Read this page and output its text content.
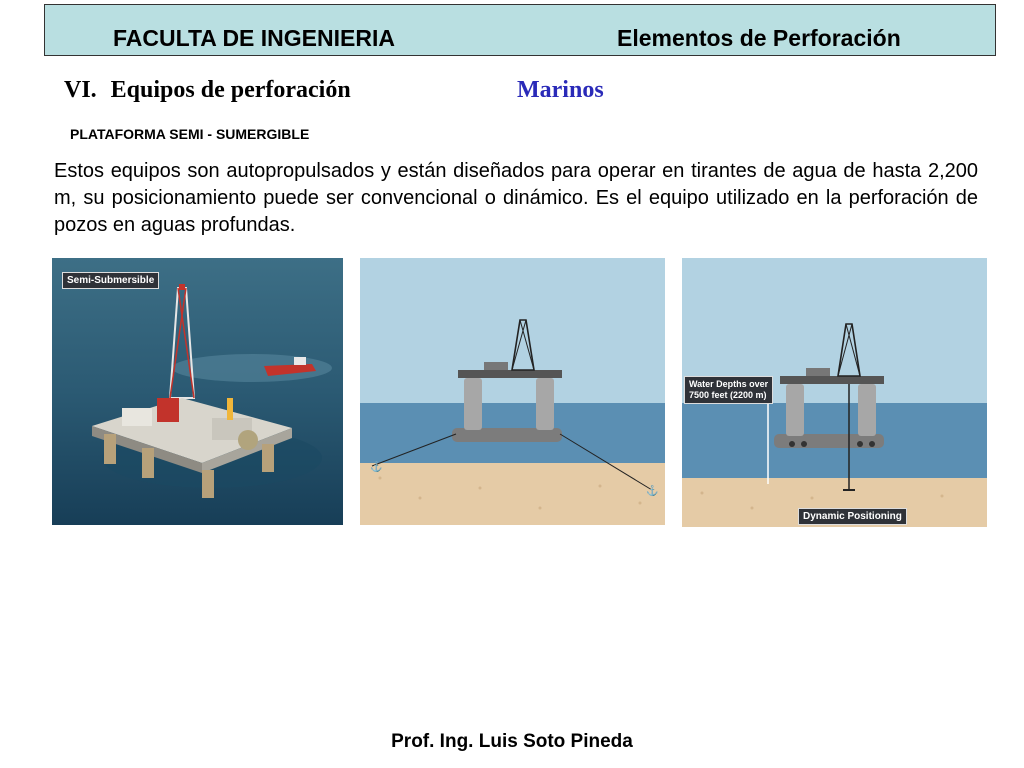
FACULTA DE INGENIERIA	Elementos de Perforación
VI. Equipos de perforación	Marinos
PLATAFORMA SEMI - SUMERGIBLE
Estos equipos son autopropulsados y están diseñados para operar en tirantes de agua de hasta 2,200 m, su posicionamiento puede ser convencional o dinámico. Es el equipo utilizado en la perforación de pozos en aguas profundas.
Semi-Submersible
⚓
⚓
Water Depths over
7500 feet (2200 m)
Dynamic Positioning
Prof. Ing. Luis Soto Pineda
